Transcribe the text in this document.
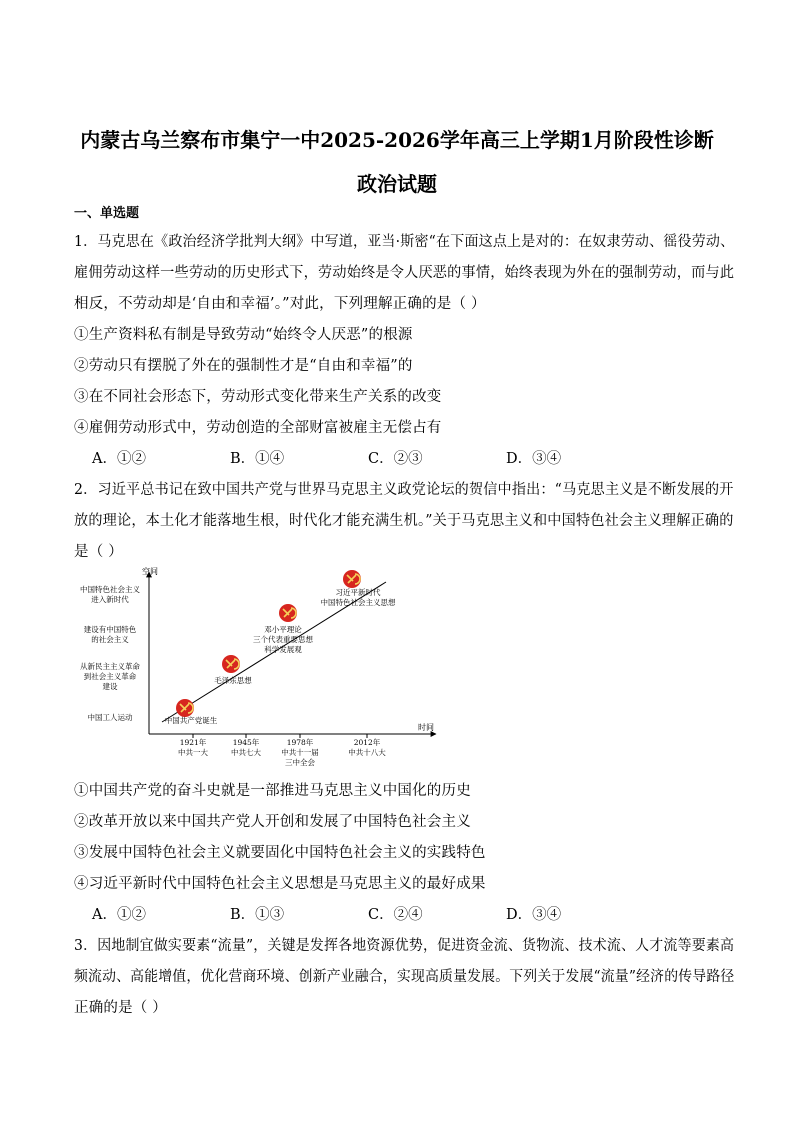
内蒙古乌兰察布市集宁一中2025-2026学年高三上学期1月阶段性诊断
政治试题
一、单选题
1．马克思在《政治经济学批判大纲》中写道，亚当·斯密“在下面这点上是对的：在奴隶劳动、徭役劳动、
雇佣劳动这样一些劳动的历史形式下，劳动始终是令人厌恶的事情，始终表现为外在的强制劳动，而与此
相反，不劳动却是‘自由和幸福’。”对此，下列理解正确的是（ ）
①生产资料私有制是导致劳动“始终令人厌恶”的根源
②劳动只有摆脱了外在的强制性才是“自由和幸福”的
③在不同社会形态下，劳动形式变化带来生产关系的改变
④雇佣劳动形式中，劳动创造的全部财富被雇主无偿占有
A．①②	B．①④	C．②③	D．③④
2．习近平总书记在致中国共产党与世界马克思主义政党论坛的贺信中指出：“马克思主义是不断发展的开
放的理论，本土化才能落地生根，时代化才能充满生机。”关于马克思主义和中国特色社会主义理解正确的
是（ ）
空间
时间
中国特色社会主义
进入新时代
建设有中国特色
的社会主义
从新民主主义革命
到社会主义革命
建设
中国工人运动
1921年
中共一大
1945年
中共七大
1978年
中共十一届
三中全会
2012年
中共十八大
中国共产党诞生
毛泽东思想
邓小平理论
三个代表重要思想
科学发展观
习近平新时代
中国特色社会主义思想
①中国共产党的奋斗史就是一部推进马克思主义中国化的历史
②改革开放以来中国共产党人开创和发展了中国特色社会主义
③发展中国特色社会主义就要固化中国特色社会主义的实践特色
④习近平新时代中国特色社会主义思想是马克思主义的最好成果
A．①②	B．①③	C．②④	D．③④
3．因地制宜做实要素“流量”，关键是发挥各地资源优势，促进资金流、货物流、技术流、人才流等要素高
频流动、高能增值，优化营商环境、创新产业融合，实现高质量发展。下列关于发展“流量”经济的传导路径
正确的是（ ）
